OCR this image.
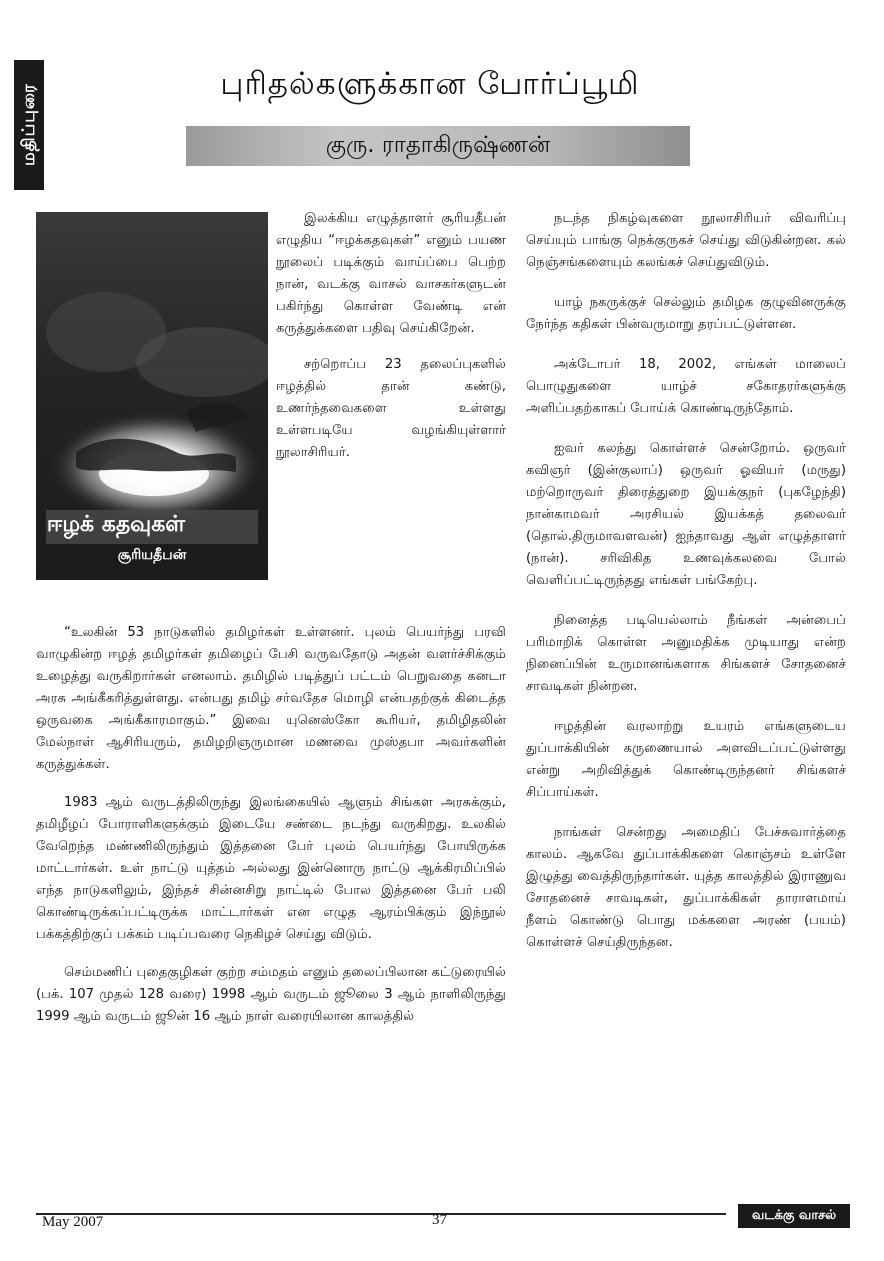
மதிப்புரை	புரிதல்களுக்கான போர்ப்பூமி
குரு. ராதாகிருஷ்ணன்
ஈழக் கதவுகள்
சூரியதீபன்

இலக்கிய எழுத்தாளர் சூரியதீபன் எழுதிய “ஈழக்கதவுகள்” எனும் பயண நூலைப் படிக்கும் வாய்ப்பை பெற்ற நான், வடக்கு வாசல் வாசகர்களுடன் பகிர்ந்து கொள்ள வேண்டி என் கருத்துக்களை பதிவு செய்கிறேன்.

சற்றொப்ப 23 தலைப்புகளில் ஈழத்தில் தான் கண்டு, உணர்ந்தவைகளை உள்ளது உள்ளபடியே வழங்கியுள்ளார் நூலாசிரியர்.

“உலகின் 53 நாடுகளில் தமிழர்கள் உள்ளனர். புலம் பெயர்ந்து பரவி வாழுகின்ற ஈழத் தமிழர்கள் தமிழைப் பேசி வருவதோடு அதன் வளர்ச்சிக்கும் உழைத்து வருகிறார்கள் எனலாம். தமிழில் படித்துப் பட்டம் பெறுவதை கனடா அரசு அங்கீகரித்துள்ளது. என்பது தமிழ் சர்வதேச மொழி என்பதற்குக் கிடைத்த ஒருவகை அங்கீகாரமாகும்.” இவை யுனெஸ்கோ கூரியர், தமிழிதலின் மேல்நாள் ஆசிரியரும், தமிழறிஞருமான மணவை முஸ்தபா அவர்களின் கருத்துக்கள்.

1983 ஆம் வருடத்திலிருந்து இலங்கையில் ஆளும் சிங்கள அரசுக்கும், தமிழீழப் போராளிகளுக்கும் இடையே சண்டை நடந்து வருகிறது. உலகில் வேறெந்த மண்ணிலிருந்தும் இத்தனை பேர் புலம் பெயர்ந்து போயிருக்க மாட்டார்கள். உள் நாட்டு யுத்தம் அல்லது இன்னொரு நாட்டு ஆக்கிரமிப்பில் எந்த நாடுகளிலும், இந்தச் சின்னசிறு நாட்டில் போல இத்தனை பேர் பலி கொண்டிருக்கப்பட்டிருக்க மாட்டார்கள் என எழுத ஆரம்பிக்கும் இந்நூல் பக்கத்திற்குப் பக்கம் படிப்பவரை நெகிழச் செய்து விடும்.

செம்மணிப் புதைகுழிகள் குற்ற சம்மதம் எனும் தலைப்பிலான கட்டுரையில் (பக். 107 முதல் 128 வரை) 1998 ஆம் வருடம் ஜூலை 3 ஆம் நாளிலிருந்து 1999 ஆம் வருடம் ஜூன் 16 ஆம் நாள் வரையிலான காலத்தில்

நடந்த நிகழ்வுகளை நூலாசிரியர் விவரிப்பு செய்யும் பாங்கு நெக்குருகச் செய்து விடுகின்றன. கல் நெஞ்சங்களையும் கலங்கச் செய்துவிடும்.

யாழ் நகருக்குச் செல்லும் தமிழக குழுவினருக்கு நேர்ந்த கதிகள் பின்வருமாறு தரப்பட்டுள்ளன.

அக்டோபர் 18, 2002, எங்கள் மாலைப் பொழுதுகளை யாழ்ச் சகோதரர்களுக்கு அளிப்பதற்காகப் போய்க் கொண்டிருந்தோம்.

ஐவர் கலந்து கொள்ளச் சென்றோம். ஒருவர் கவிஞர் (இன்குலாப்) ஒருவர் ஓவியர் (மருது) மற்றொருவர் திரைத்துறை இயக்குநர் (புகழேந்தி) நான்காமவர் அரசியல் இயக்கத் தலைவர் (தொல்.திருமாவளவன்) ஐந்தாவது ஆள் எழுத்தாளர் (நான்). சரிவிகித உணவுக்கலவை போல் வெளிப்பட்டிருந்தது எங்கள் பங்கேற்பு.

நினைத்த படியெல்லாம் நீங்கள் அன்பைப் பரிமாறிக் கொள்ள அனுமதிக்க முடியாது என்ற நினைப்பின் உருமானங்களாக சிங்களச் சோதனைச் சாவடிகள் நின்றன.

ஈழத்தின் வரலாற்று உயரம் எங்களுடைய துப்பாக்கியின் கருணையால் அளவிடப்பட்டுள்ளது என்று அறிவித்துக் கொண்டிருந்தனர் சிங்களச் சிப்பாய்கள்.

நாங்கள் சென்றது அமைதிப் பேச்சுவார்த்தை காலம். ஆகவே துப்பாக்கிகளை கொஞ்சம் உள்ளே இழுத்து வைத்திருந்தார்கள். யுத்த காலத்தில் இராணுவ சோதனைச் சாவடிகள், துப்பாக்கிகள் தாராளமாய் நீளம் கொண்டு பொது மக்களை அரண் (பயம்) கொள்ளச் செய்திருந்தன.

May 2007	37	வடக்கு வாசல்
